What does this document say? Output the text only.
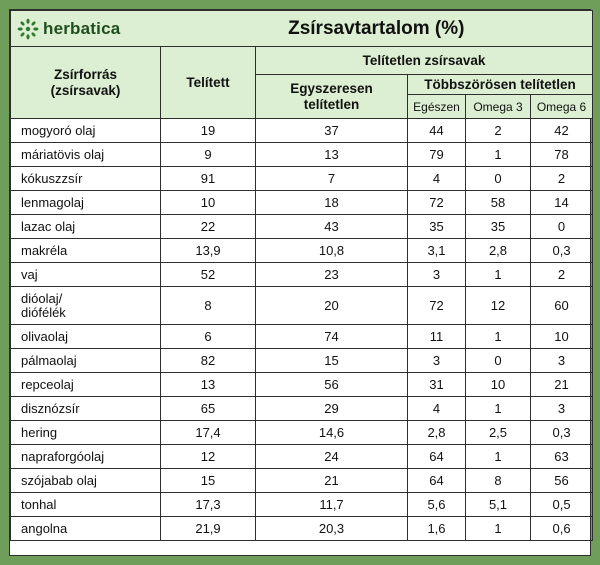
herbatica	Zsírsavtartalom (%)				

Zsírforrás
(zsírsavak)	Telített	Telítetlen zsírsavak			
		Egyszeresen telítetlen	Többszörösen telítetlen		
			Egészen	Omega 3	Omega 6

mogyoró olaj	19	37	44	2	42

máriatövis olaj	9	13	79	1	78

kókuszzsír	91	7	4	0	2

lenmagolaj	10	18	72	58	14

lazac olaj	22	43	35	35	0

makréla	13,9	10,8	3,1	2,8	0,3

vaj	52	23	3	1	2

dióolaj/
diófélék	8	20	72	12	60

olivaolaj	6	74	11	1	10

pálmaolaj	82	15	3	0	3

repceolaj	13	56	31	10	21

disznózsír	65	29	4	1	3

hering	17,4	14,6	2,8	2,5	0,3

napraforgóolaj	12	24	64	1	63

szójabab olaj	15	21	64	8	56

tonhal	17,3	11,7	5,6	5,1	0,5

angolna	21,9	20,3	1,6	1	0,6
